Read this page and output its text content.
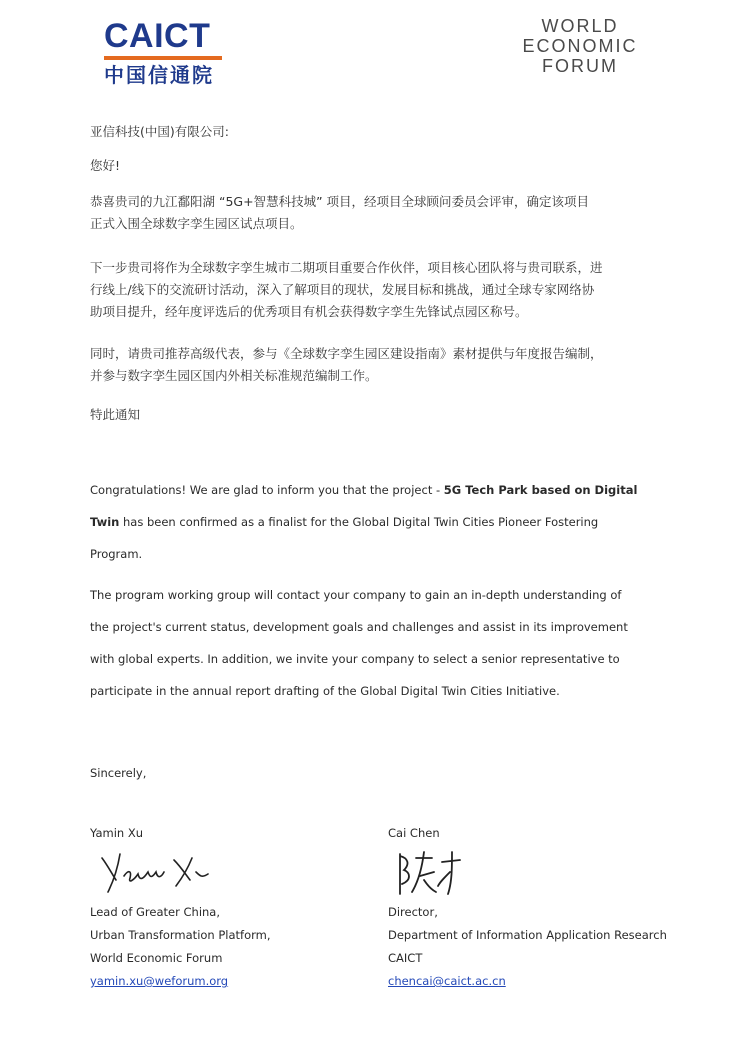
CAICT
中国信通院
WORLD
ECONOMIC
FORUM
亚信科技(中国)有限公司:
您好!
恭喜贵司的九江鄱阳湖 “5G+智慧科技城” 项目，经项目全球顾问委员会评审，确定该项目
正式入围全球数字孪生园区试点项目。
下一步贵司将作为全球数字孪生城市二期项目重要合作伙伴，项目核心团队将与贵司联系，进
行线上/线下的交流研讨活动，深入了解项目的现状，发展目标和挑战，通过全球专家网络协
助项目提升，经年度评选后的优秀项目有机会获得数字孪生先锋试点园区称号。
同时，请贵司推荐高级代表，参与《全球数字孪生园区建设指南》素材提供与年度报告编制，
并参与数字孪生园区国内外相关标准规范编制工作。
特此通知
Congratulations! We are glad to inform you that the project - 5G Tech Park based on Digital
Twin has been confirmed as a finalist for the Global Digital Twin Cities Pioneer Fostering
Program.
The program working group will contact your company to gain an in-depth understanding of
the project's current status, development goals and challenges and assist in its improvement
with global experts. In addition, we invite your company to select a senior representative to
participate in the annual report drafting of the Global Digital Twin Cities Initiative.
Sincerely,
Yamin Xu
Lead of Greater China,
Urban Transformation Platform,
World Economic Forum
yamin.xu@weforum.org
Cai Chen
Director,
Department of Information Application Research
CAICT
chencai@caict.ac.cn
